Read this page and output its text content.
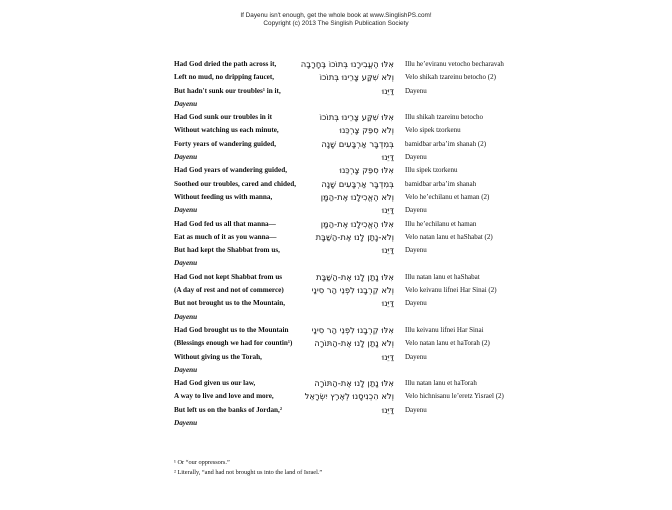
If Dayenu isn't enough, get the whole book at www.SinglishPS.com!
Copyright (c) 2013 The Singlish Publication Society
Had God dried the path across it,	אִלּוּ הֶעֱבִירָנוּ בְּתוֹכוֹ בֶּחָרָבָה Illu he’eviranu vetocho becharavah
Left no mud, no dripping faucet,	וְלֹא שִׁקַּע צָרֵינוּ בְּתוֹכוֹ Velo shikah tzareinu betocho (2)
But hadn't sunk our troubles¹ in it,	דַּיֵּנוּ Dayenu
Dayenu
Had God sunk our troubles in it	אִלּוּ שִׁקַּע צָרֵינוּ בְּתוֹכוֹ Illu shikah tzareinu betocho
Without watching us each minute,	וְלֹא סִפֵּק צָרְכֵּנוּ Velo sipek tzorkenu
Forty years of wandering guided,	בְּמִדְבָּר אַרְבָּעִים שָׁנָה bamidbar arba’im shanah (2)
Dayenu	דַּיֵּנוּ Dayenu
Had God years of wandering guided,	אִלּוּ סִפֵּק צָרְכֵּנוּ Illu sipek tzorkenu
Soothed our troubles, cared and chided,	בְּמִדְבָּר אַרְבָּעִים שָׁנָה bamidbar arba’im shanah
Without feeding us with manna,	וְלֹא הֶאֱכִילָנוּ אֶת-הַמָּן Velo he’echilanu et haman (2)
Dayenu	דַּיֵּנוּ Dayenu
Had God fed us all that manna—	אִלּוּ הֶאֱכִילָנוּ אֶת-הַמָּן Illu he’echilanu et haman
Eat as much of it as you wanna—	וְלֹא-נָתַן לָנוּ אֶת-הַשַּׁבָּת Velo natan lanu et haShabat (2)
But had kept the Shabbat from us,	דַּיֵּנוּ Dayenu
Dayenu
Had God not kept Shabbat from us	אִלּוּ נָתַן לָנוּ אֶת-הַשַּׁבָּת Illu natan lanu et haShabat
(A day of rest and not of commerce)	וְלֹא קֵרְבָנוּ לִפְנֵי הַר סִינַי Velo keivanu lifnei Har Sinai (2)
But not brought us to the Mountain,	דַּיֵּנוּ Dayenu
Dayenu
Had God brought us to the Mountain	אִלּוּ קֵרְבָנוּ לִפְנֵי הַר סִינַי Illu keivanu lifnei Har Sinai
(Blessings enough we had for countin¹)	וְלֹא נָתַן לָנוּ אֶת-הַתּוֹרָה Velo natan lanu et haTorah (2)
Without giving us the Torah,	דַּיֵּנוּ Dayenu
Dayenu
Had God given us our law,	אִלּוּ נָתַן לָנוּ אֶת-הַתּוֹרָה Illu natan lanu et haTorah
A way to live and love and more,	וְלֹא הִכְנִיסָנוּ לְאֶרֶץ יִשְׂרָאֵל Velo hichnisanu le’eretz Yisrael (2)
But left us on the banks of Jordan,²	דַּיֵּנוּ Dayenu
Dayenu
¹ Or “our oppressors.”
² Literally, “and had not brought us into the land of Israel.”
